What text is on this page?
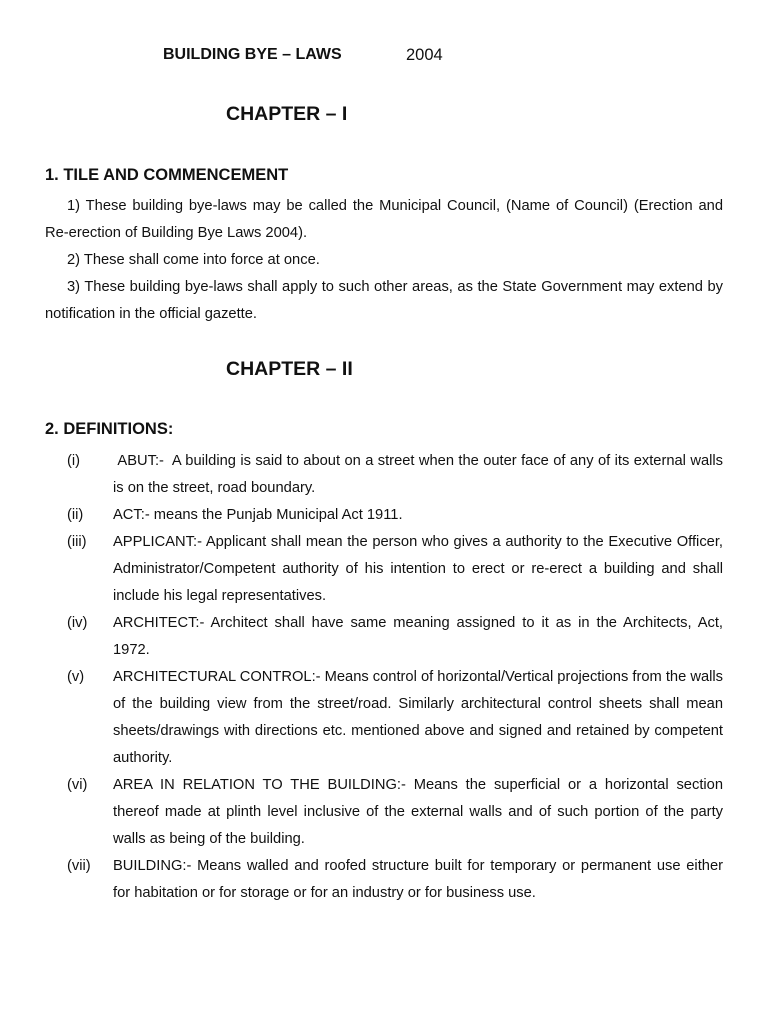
BUILDING BYE – LAWS	2004
CHAPTER – I
1. TILE AND COMMENCEMENT

1) These building bye-laws may be called the Municipal Council, (Name of Council) (Erection and Re-erection of Building Bye Laws 2004).

2) These shall come into force at once.

3) These building bye-laws shall apply to such other areas, as the State Government may extend by notification in the official gazette.

CHAPTER – II
2. DEFINITIONS:
(i) ABUT:-  A building is said to about on a street when the outer face of any of its external walls is on the street, road boundary.
(ii) ACT:- means the Punjab Municipal Act 1911.
(iii) APPLICANT:- Applicant shall mean the person who gives a authority to the Executive Officer, Administrator/Competent authority of his intention to erect or re-erect a building and shall include his legal representatives.
(iv) ARCHITECT:- Architect shall have same meaning assigned to it as in the Architects, Act, 1972.
(v) ARCHITECTURAL CONTROL:- Means control of horizontal/Vertical projections from the walls of the building view from the street/road. Similarly architectural control sheets shall mean sheets/drawings with directions etc. mentioned above and signed and retained by competent authority.
(vi) AREA IN RELATION TO THE BUILDING:- Means the superficial or a horizontal section thereof made at plinth level inclusive of the external walls and of such portion of the party walls as being of the building.
(vii) BUILDING:- Means walled and roofed structure built for temporary or permanent use either for habitation or for storage or for an industry or for business use.
